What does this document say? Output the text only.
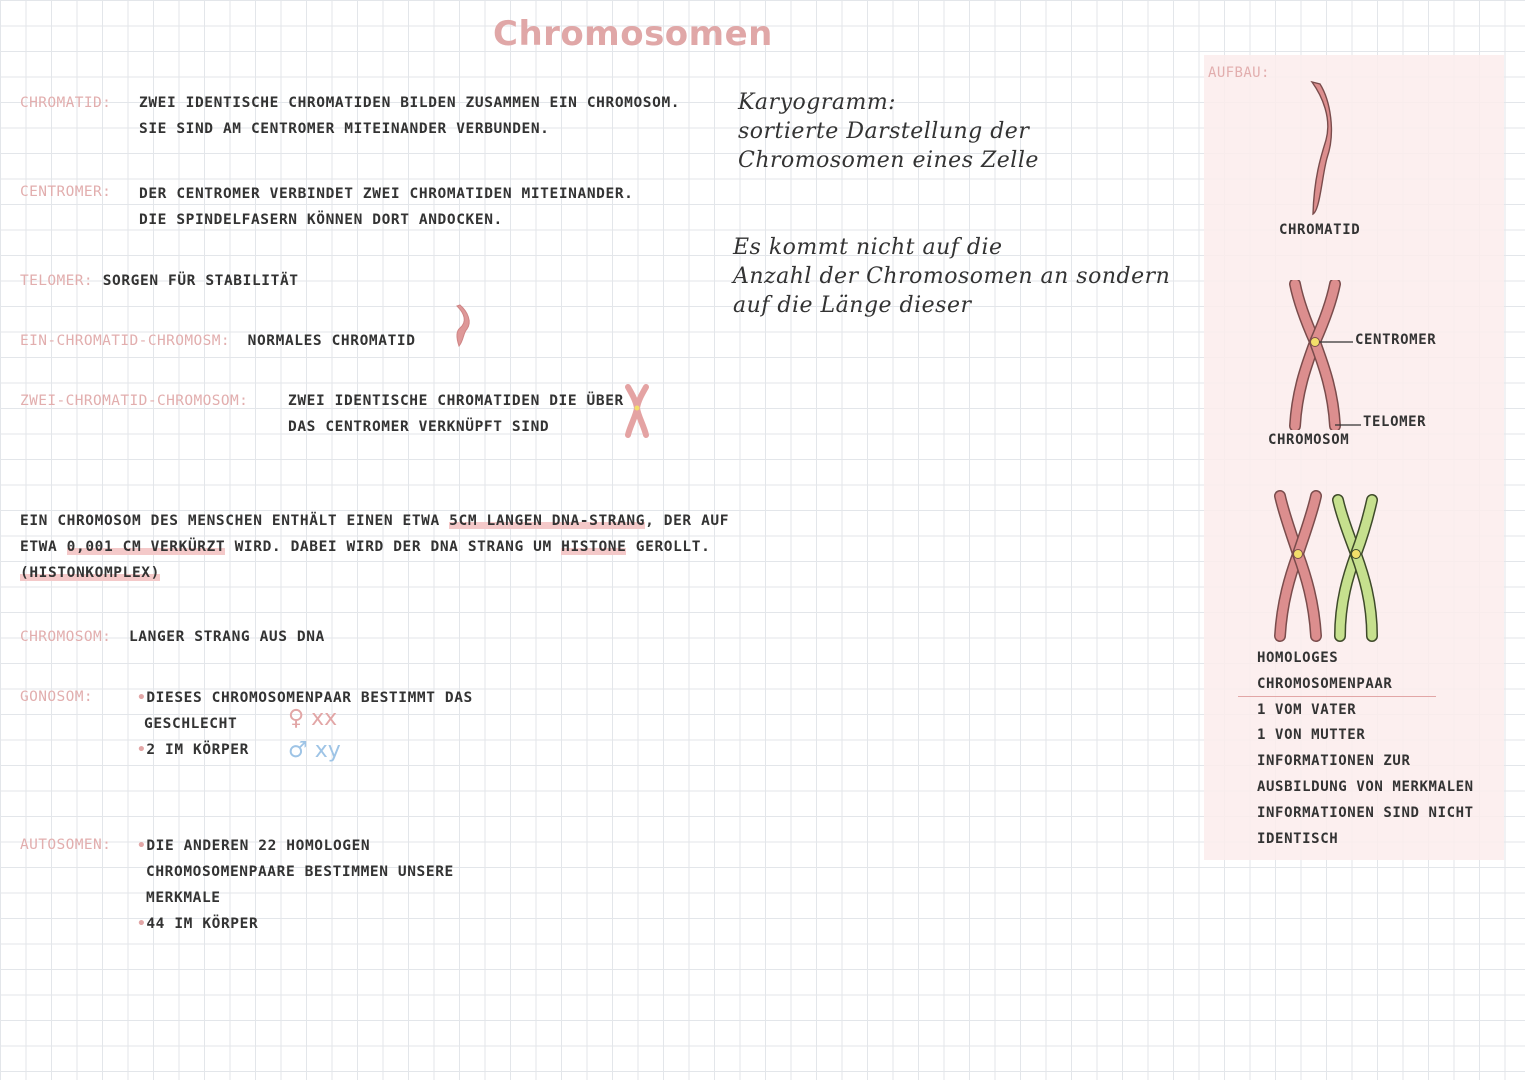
Chromosomen
CHROMATID: ZWEI IDENTISCHE CHROMATIDEN BILDEN ZUSAMMEN EIN CHROMOSOM.
SIE SIND AM CENTROMER MITEINANDER VERBUNDEN.
CENTROMER: DER CENTROMER VERBINDET ZWEI CHROMATIDEN MITEINANDER.
DIE SPINDELFASERN KÖNNEN DORT ANDOCKEN.
TELOMER: SORGEN FÜR STABILITÄT
EIN-CHROMATID-CHROMOSM: NORMALES CHROMATID
ZWEI-CHROMATID-CHROMOSOM:	ZWEI IDENTISCHE CHROMATIDEN DIE ÜBER
DAS CENTROMER VERKNÜPFT SIND
EIN CHROMOSOM DES MENSCHEN ENTHÄLT EINEN ETWA 5CM LANGEN DNA-STRANG, DER AUF
ETWA 0,001 CM VERKÜRZT WIRD. DABEI WIRD DER DNA STRANG UM HISTONE GEROLLT.
(HISTONKOMPLEX)
CHROMOSOM: LANGER STRANG AUS DNA
GONOSOM:	•DIESES CHROMOSOMENPAAR BESTIMMT DAS
GESCHLECHT
•2 IM KÖRPER
♀ xx
♂ xy
AUTOSOMEN: •DIE ANDEREN 22 HOMOLOGEN
CHROMOSOMENPAARE BESTIMMEN UNSERE
MERKMALE
•44 IM KÖRPER
Karyogramm:
sortierte Darstellung der
Chromosomen eines Zelle
Es kommt nicht auf die
Anzahl der Chromosomen an sondern
auf die Länge dieser
AUFBAU:
CHROMATID
CENTROMER
TELOMER
CHROMOSOM
HOMOLOGES
CHROMOSOMENPAAR
1 VOM VATER
1 VON MUTTER
INFORMATIONEN ZUR
AUSBILDUNG VON MERKMALEN
INFORMATIONEN SIND NICHT
IDENTISCH
